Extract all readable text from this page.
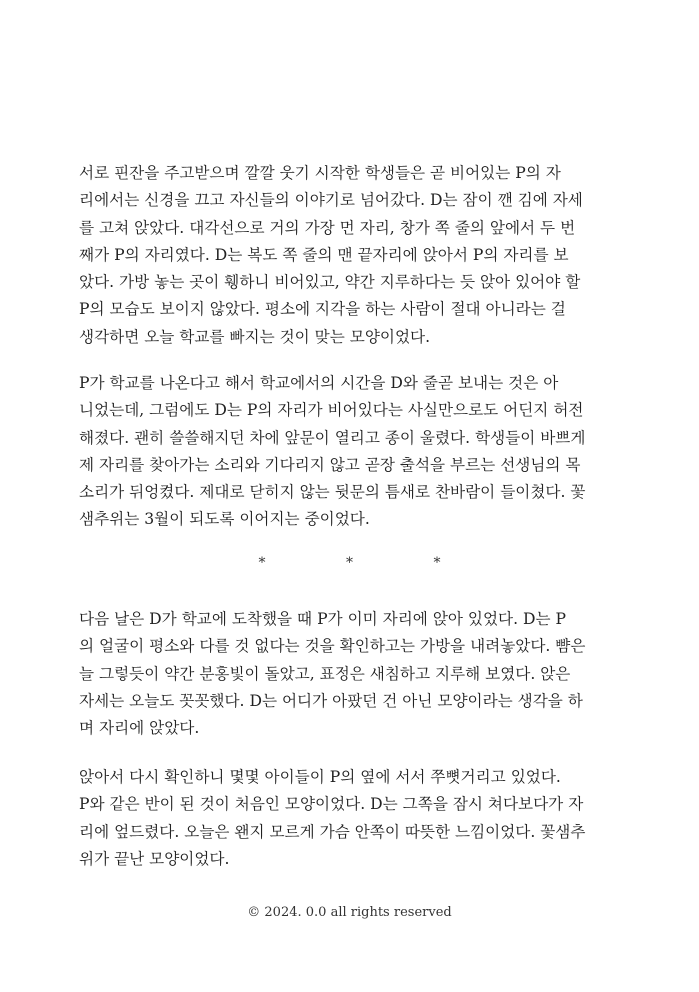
서로 핀잔을 주고받으며 깔깔 웃기 시작한 학생들은 곧 비어있는 P의 자
리에서는 신경을 끄고 자신들의 이야기로 넘어갔다. D는 잠이 깬 김에 자세
를 고쳐 앉았다. 대각선으로 거의 가장 먼 자리, 창가 쪽 줄의 앞에서 두 번
째가 P의 자리였다. D는 복도 쪽 줄의 맨 끝자리에 앉아서 P의 자리를 보
았다. 가방 놓는 곳이 휑하니 비어있고, 약간 지루하다는 듯 앉아 있어야 할
P의 모습도 보이지 않았다. 평소에 지각을 하는 사람이 절대 아니라는 걸
생각하면 오늘 학교를 빠지는 것이 맞는 모양이었다.

P가 학교를 나온다고 해서 학교에서의 시간을 D와 줄곧 보내는 것은 아
니었는데, 그럼에도 D는 P의 자리가 비어있다는 사실만으로도 어딘지 허전
해졌다. 괜히 쓸쓸해지던 차에 앞문이 열리고 종이 울렸다. 학생들이 바쁘게
제 자리를 찾아가는 소리와 기다리지 않고 곧장 출석을 부르는 선생님의 목
소리가 뒤엉켰다. 제대로 닫히지 않는 뒷문의 틈새로 찬바람이 들이쳤다. 꽃
샘추위는 3월이 되도록 이어지는 중이었다.

* * *

다음 날은 D가 학교에 도착했을 때 P가 이미 자리에 앉아 있었다. D는 P
의 얼굴이 평소와 다를 것 없다는 것을 확인하고는 가방을 내려놓았다. 뺨은
늘 그렇듯이 약간 분홍빛이 돌았고, 표정은 새침하고 지루해 보였다. 앉은
자세는 오늘도 꼿꼿했다. D는 어디가 아팠던 건 아닌 모양이라는 생각을 하
며 자리에 앉았다.

앉아서 다시 확인하니 몇몇 아이들이 P의 옆에 서서 쭈뼛거리고 있었다.
P와 같은 반이 된 것이 처음인 모양이었다. D는 그쪽을 잠시 쳐다보다가 자
리에 엎드렸다. 오늘은 왠지 모르게 가슴 안쪽이 따뜻한 느낌이었다. 꽃샘추
위가 끝난 모양이었다.

© 2024. 0.0 all rights reserved
